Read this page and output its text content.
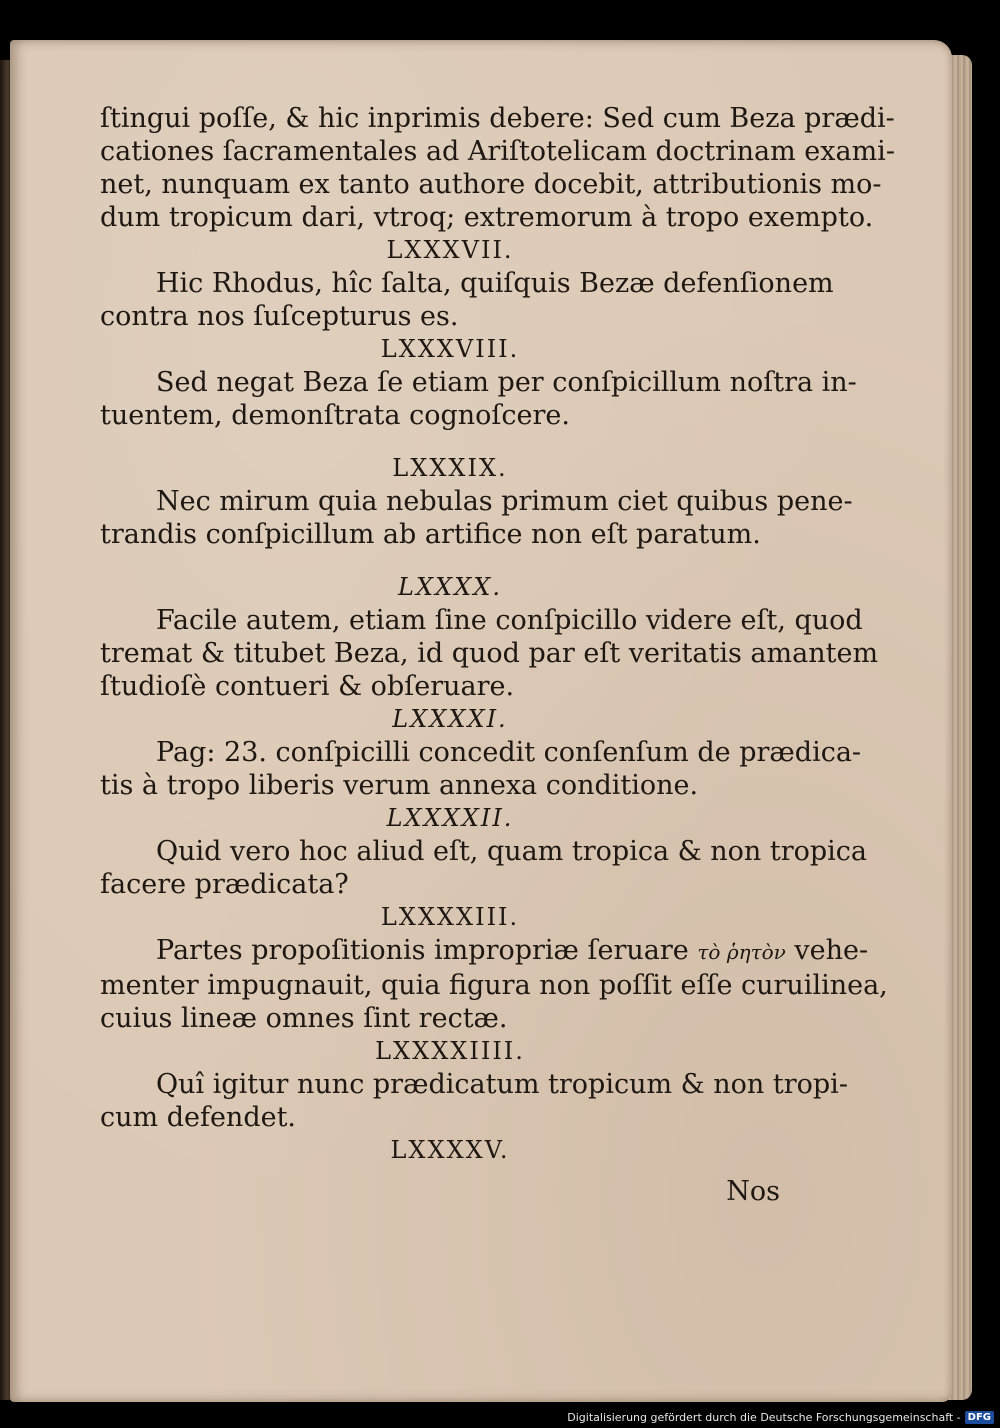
ſtingui poſſe, & hic inprimis debere: Sed cum Beza prædi-
cationes ſacramentales ad Ariſtotelicam doctrinam exami-
net, nunquam ex tanto authore docebit, attributionis mo-
dum tropicum dari, vtroq; extremorum à tropo exempto.
LXXXVII.
Hic Rhodus, hîc ſalta, quiſquis Bezæ defenſionem
contra nos ſuſcepturus es.
LXXXVIII.
Sed negat Beza ſe etiam per conſpicillum noſtra in-
tuentem, demonſtrata cognoſcere.
LXXXIX.
Nec mirum quia nebulas primum ciet quibus pene-
trandis conſpicillum ab artifice non eſt paratum.
LXXXX.
Facile autem, etiam ſine conſpicillo videre eſt, quod
tremat & titubet Beza, id quod par eſt veritatis amantem
ſtudioſè contueri & obſeruare.
LXXXXI.
Pag: 23. conſpicilli concedit conſenſum de prædica-
tis à tropo liberis verum annexa conditione.
LXXXXII.
Quid vero hoc aliud eſt, quam tropica & non tropica
facere prædicata?
LXXXXIII.
Partes propoſitionis impropriæ ſeruare τὸ ῥητὸν vehe-
menter impugnauit, quia figura non poſſit eſſe curuilinea,
cuius lineæ omnes ſint rectæ.
LXXXXIIII.
Quî igitur nunc prædicatum tropicum & non tropi-
cum defendet.
LXXXXV.
Nos
Digitalisierung gefördert durch die Deutsche Forschungsgemeinschaft - DFG
